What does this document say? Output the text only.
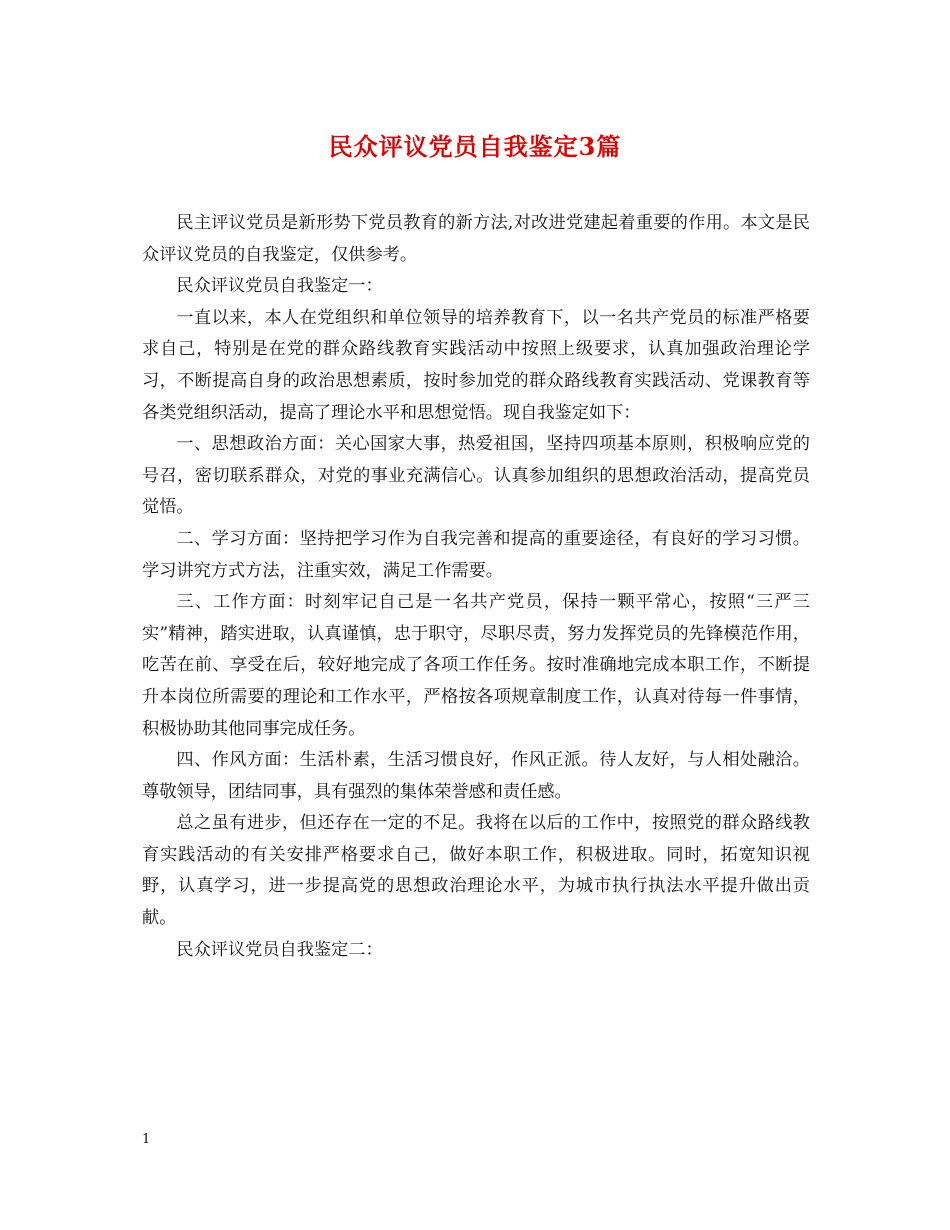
民众评议党员自我鉴定3篇

民主评议党员是新形势下党员教育的新方法,对改进党建起着重要的作用。本文是民众评议党员的自我鉴定，仅供参考。

民众评议党员自我鉴定一：

一直以来，本人在党组织和单位领导的培养教育下，以一名共产党员的标准严格要求自己，特别是在党的群众路线教育实践活动中按照上级要求，认真加强政治理论学习，不断提高自身的政治思想素质，按时参加党的群众路线教育实践活动、党课教育等各类党组织活动，提高了理论水平和思想觉悟。现自我鉴定如下：

一、思想政治方面：关心国家大事，热爱祖国，坚持四项基本原则，积极响应党的号召，密切联系群众，对党的事业充满信心。认真参加组织的思想政治活动，提高党员觉悟。

二、学习方面：坚持把学习作为自我完善和提高的重要途径，有良好的学习习惯。学习讲究方式方法，注重实效，满足工作需要。

三、工作方面：时刻牢记自己是一名共产党员，保持一颗平常心，按照“三严三实”精神，踏实进取，认真谨慎，忠于职守，尽职尽责，努力发挥党员的先锋模范作用，吃苦在前、享受在后，较好地完成了各项工作任务。按时准确地完成本职工作，不断提升本岗位所需要的理论和工作水平，严格按各项规章制度工作，认真对待每一件事情，积极协助其他同事完成任务。

四、作风方面：生活朴素，生活习惯良好，作风正派。待人友好，与人相处融洽。尊敬领导，团结同事，具有强烈的集体荣誉感和责任感。

总之虽有进步，但还存在一定的不足。我将在以后的工作中，按照党的群众路线教育实践活动的有关安排严格要求自己，做好本职工作，积极进取。同时，拓宽知识视野，认真学习，进一步提高党的思想政治理论水平，为城市执行执法水平提升做出贡献。

民众评议党员自我鉴定二：

1
